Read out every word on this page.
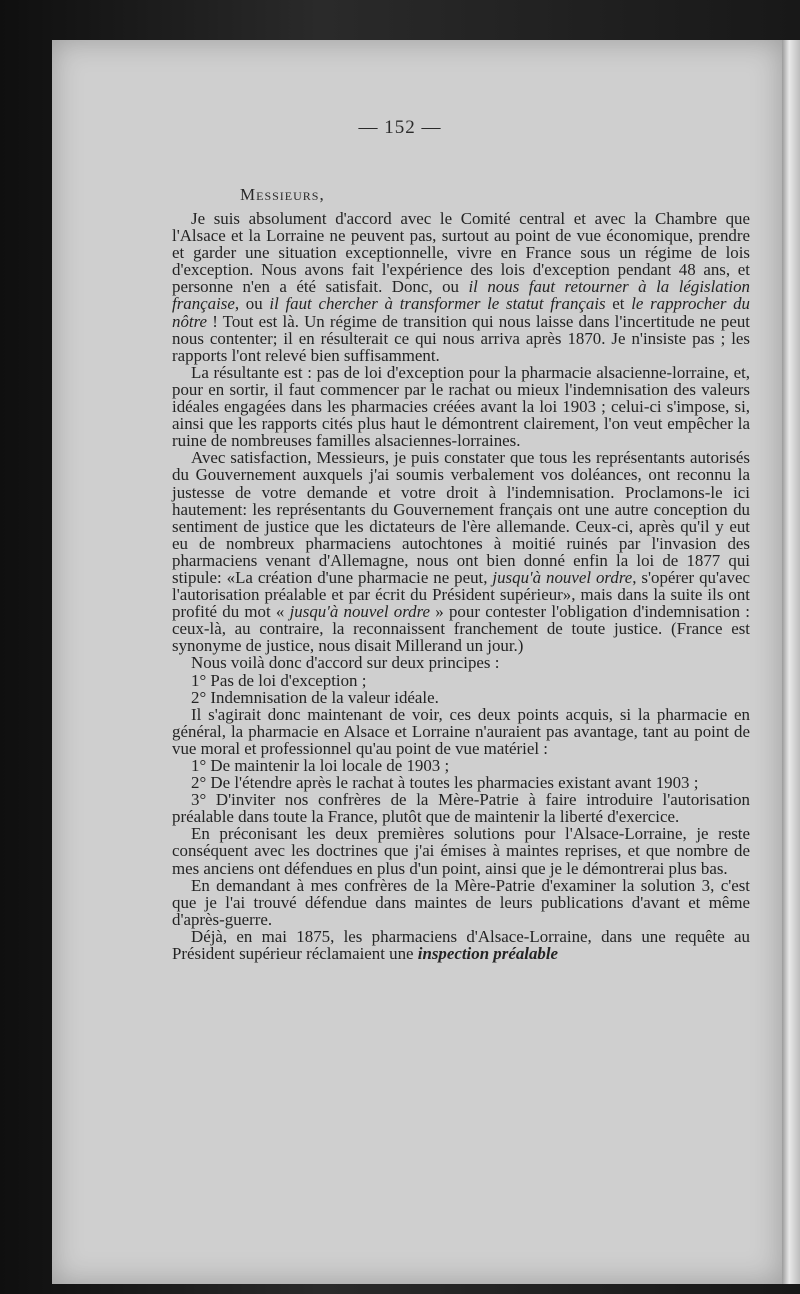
— 152 —
Messieurs,

Je suis absolument d'accord avec le Comité central et avec la Chambre que l'Alsace et la Lorraine ne peuvent pas, surtout au point de vue économique, prendre et garder une situation exceptionnelle, vivre en France sous un régime de lois d'exception. Nous avons fait l'expérience des lois d'exception pendant 48 ans, et personne n'en a été satisfait. Donc, ou il nous faut retourner à la législation française, ou il faut chercher à transformer le statut français et le rapprocher du nôtre ! Tout est là. Un régime de transition qui nous laisse dans l'incertitude ne peut nous contenter; il en résulterait ce qui nous arriva après 1870. Je n'insiste pas ; les rapports l'ont relevé bien suffisamment.

La résultante est : pas de loi d'exception pour la pharmacie alsacienne-lorraine, et, pour en sortir, il faut commencer par le rachat ou mieux l'indemnisation des valeurs idéales engagées dans les pharmacies créées avant la loi 1903 ; celui-ci s'impose, si, ainsi que les rapports cités plus haut le démontrent clairement, l'on veut empêcher la ruine de nombreuses familles alsaciennes-lorraines.

Avec satisfaction, Messieurs, je puis constater que tous les représentants autorisés du Gouvernement auxquels j'ai soumis verbalement vos doléances, ont reconnu la justesse de votre demande et votre droit à l'indemnisation. Proclamons-le ici hautement: les représentants du Gouvernement français ont une autre conception du sentiment de justice que les dictateurs de l'ère allemande. Ceux-ci, après qu'il y eut eu de nombreux pharmaciens autochtones à moitié ruinés par l'invasion des pharmaciens venant d'Allemagne, nous ont bien donné enfin la loi de 1877 qui stipule: «La création d'une pharmacie ne peut, jusqu'à nouvel ordre, s'opérer qu'avec l'autorisation préalable et par écrit du Président supérieur», mais dans la suite ils ont profité du mot « jusqu'à nouvel ordre » pour contester l'obligation d'indemnisation : ceux-là, au contraire, la reconnaissent franchement de toute justice. (France est synonyme de justice, nous disait Millerand un jour.)

Nous voilà donc d'accord sur deux principes :

1° Pas de loi d'exception ;

2° Indemnisation de la valeur idéale.

Il s'agirait donc maintenant de voir, ces deux points acquis, si la pharmacie en général, la pharmacie en Alsace et Lorraine n'auraient pas avantage, tant au point de vue moral et professionnel qu'au point de vue matériel :

1° De maintenir la loi locale de 1903 ;

2° De l'étendre après le rachat à toutes les pharmacies existant avant 1903 ;

3° D'inviter nos confrères de la Mère-Patrie à faire introduire l'autorisation préalable dans toute la France, plutôt que de maintenir la liberté d'exercice.

En préconisant les deux premières solutions pour l'Alsace-Lorraine, je reste conséquent avec les doctrines que j'ai émises à maintes reprises, et que nombre de mes anciens ont défendues en plus d'un point, ainsi que je le démontrerai plus bas.

En demandant à mes confrères de la Mère-Patrie d'examiner la solution 3, c'est que je l'ai trouvé défendue dans maintes de leurs publications d'avant et même d'après-guerre.

Déjà, en mai 1875, les pharmaciens d'Alsace-Lorraine, dans une requête au Président supérieur réclamaient une inspection préalable
